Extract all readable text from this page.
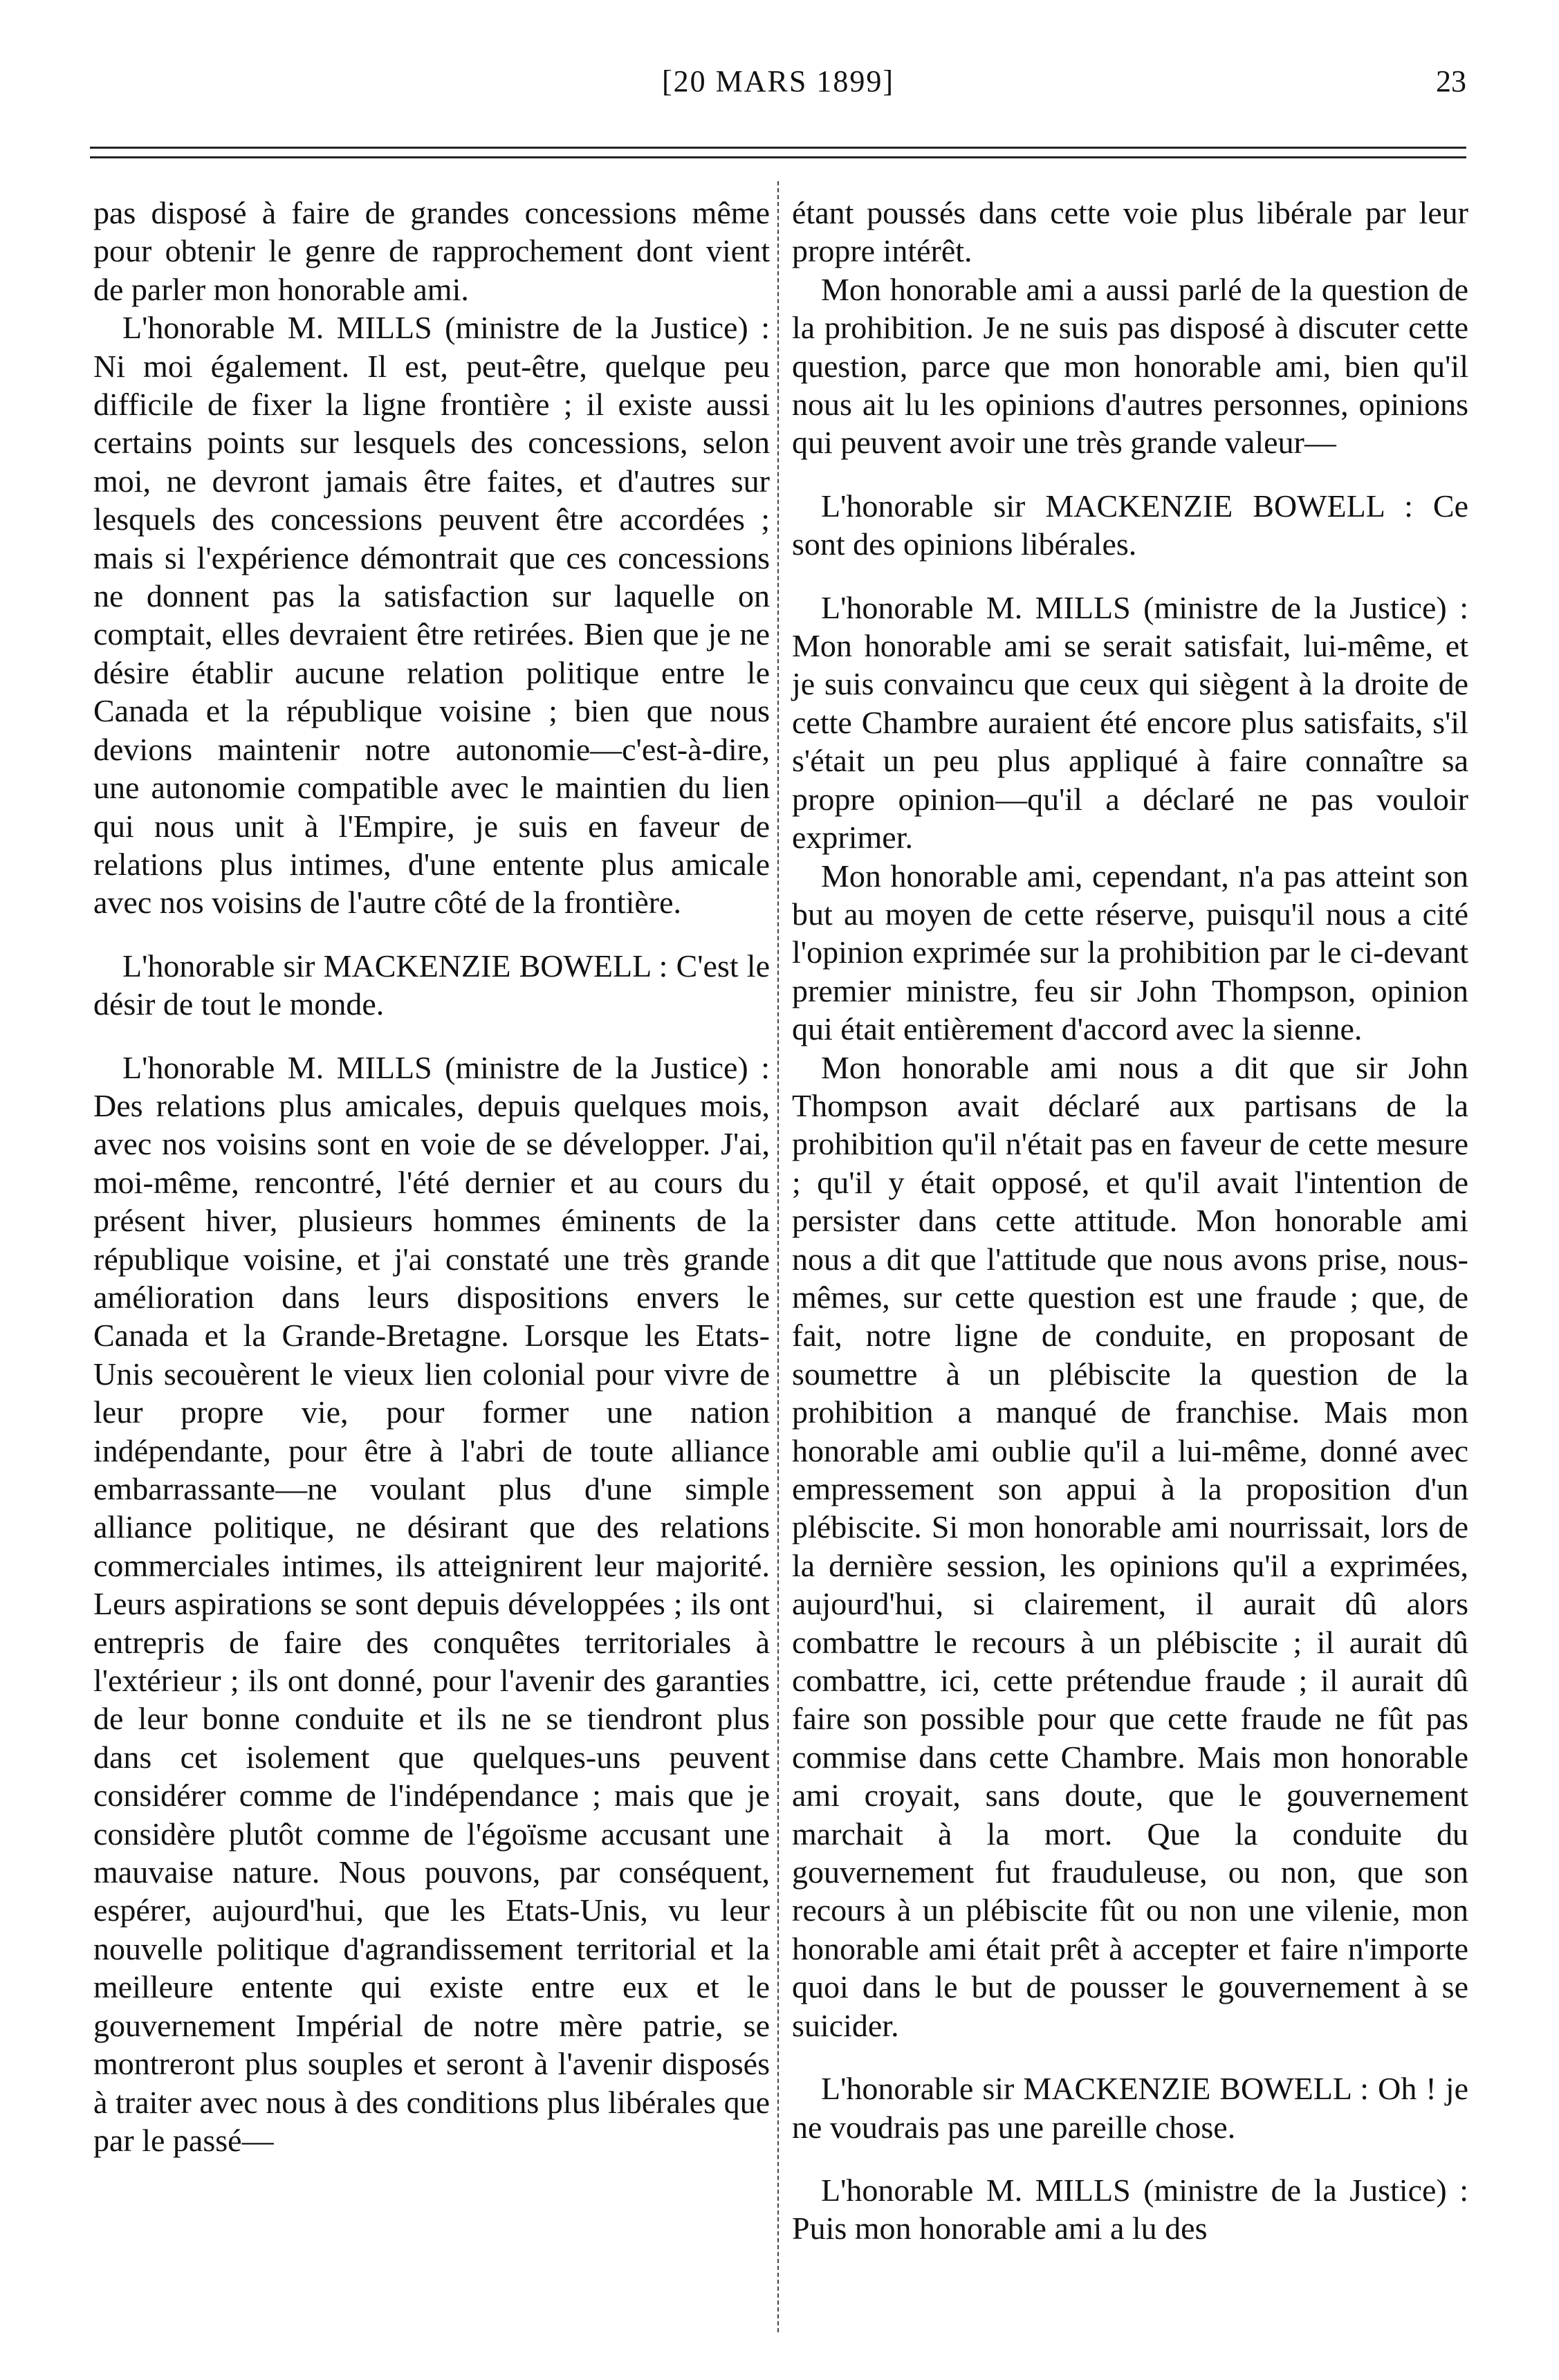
[20 MARS 1899]	23

pas disposé à faire de grandes concessions même pour obtenir le genre de rapprochement dont vient de parler mon honorable ami.

L'honorable M. MILLS (ministre de la Justice) : Ni moi également. Il est, peut-être, quelque peu difficile de fixer la ligne frontière ; il existe aussi certains points sur lesquels des concessions, selon moi, ne devront jamais être faites, et d'autres sur lesquels des concessions peuvent être accordées ; mais si l'expérience démontrait que ces concessions ne donnent pas la satisfaction sur laquelle on comptait, elles devraient être retirées. Bien que je ne désire établir aucune relation politique entre le Canada et la république voisine ; bien que nous devions maintenir notre autonomie—c'est-à-dire, une autonomie compatible avec le maintien du lien qui nous unit à l'Empire, je suis en faveur de relations plus intimes, d'une entente plus amicale avec nos voisins de l'autre côté de la frontière.

L'honorable sir MACKENZIE BOWELL : C'est le désir de tout le monde.

L'honorable M. MILLS (ministre de la Justice) : Des relations plus amicales, depuis quelques mois, avec nos voisins sont en voie de se développer. J'ai, moi-même, rencontré, l'été dernier et au cours du présent hiver, plusieurs hommes éminents de la république voisine, et j'ai constaté une très grande amélioration dans leurs dispositions envers le Canada et la Grande-Bretagne. Lorsque les Etats-Unis secouèrent le vieux lien colonial pour vivre de leur propre vie, pour former une nation indépendante, pour être à l'abri de toute alliance embarrassante—ne voulant plus d'une simple alliance politique, ne désirant que des relations commerciales intimes, ils atteignirent leur majorité. Leurs aspirations se sont depuis développées ; ils ont entrepris de faire des conquêtes territoriales à l'extérieur ; ils ont donné, pour l'avenir des garanties de leur bonne conduite et ils ne se tiendront plus dans cet isolement que quelques-uns peuvent considérer comme de l'indépendance ; mais que je considère plutôt comme de l'égoïsme accusant une mauvaise nature. Nous pouvons, par conséquent, espérer, aujourd'hui, que les Etats-Unis, vu leur nouvelle politique d'agrandissement territorial et la meilleure entente qui existe entre eux et le gouvernement Impérial de notre mère patrie, se montreront plus souples et seront à l'avenir disposés à traiter avec nous à des conditions plus libérales que par le passé—

étant poussés dans cette voie plus libérale par leur propre intérêt.

Mon honorable ami a aussi parlé de la question de la prohibition. Je ne suis pas disposé à discuter cette question, parce que mon honorable ami, bien qu'il nous ait lu les opinions d'autres personnes, opinions qui peuvent avoir une très grande valeur—

L'honorable sir MACKENZIE BOWELL : Ce sont des opinions libérales.

L'honorable M. MILLS (ministre de la Justice) : Mon honorable ami se serait satisfait, lui-même, et je suis convaincu que ceux qui siègent à la droite de cette Chambre auraient été encore plus satisfaits, s'il s'était un peu plus appliqué à faire connaître sa propre opinion—qu'il a déclaré ne pas vouloir exprimer.

Mon honorable ami, cependant, n'a pas atteint son but au moyen de cette réserve, puisqu'il nous a cité l'opinion exprimée sur la prohibition par le ci-devant premier ministre, feu sir John Thompson, opinion qui était entièrement d'accord avec la sienne.

Mon honorable ami nous a dit que sir John Thompson avait déclaré aux partisans de la prohibition qu'il n'était pas en faveur de cette mesure ; qu'il y était opposé, et qu'il avait l'intention de persister dans cette attitude. Mon honorable ami nous a dit que l'attitude que nous avons prise, nous-mêmes, sur cette question est une fraude ; que, de fait, notre ligne de conduite, en proposant de soumettre à un plébiscite la question de la prohibition a manqué de franchise. Mais mon honorable ami oublie qu'il a lui-même, donné avec empressement son appui à la proposition d'un plébiscite. Si mon honorable ami nourrissait, lors de la dernière session, les opinions qu'il a exprimées, aujourd'hui, si clairement, il aurait dû alors combattre le recours à un plébiscite ; il aurait dû combattre, ici, cette prétendue fraude ; il aurait dû faire son possible pour que cette fraude ne fût pas commise dans cette Chambre. Mais mon honorable ami croyait, sans doute, que le gouvernement marchait à la mort. Que la conduite du gouvernement fut frauduleuse, ou non, que son recours à un plébiscite fût ou non une vilenie, mon honorable ami était prêt à accepter et faire n'importe quoi dans le but de pousser le gouvernement à se suicider.

L'honorable sir MACKENZIE BOWELL : Oh ! je ne voudrais pas une pareille chose.

L'honorable M. MILLS (ministre de la Justice) : Puis mon honorable ami a lu des
